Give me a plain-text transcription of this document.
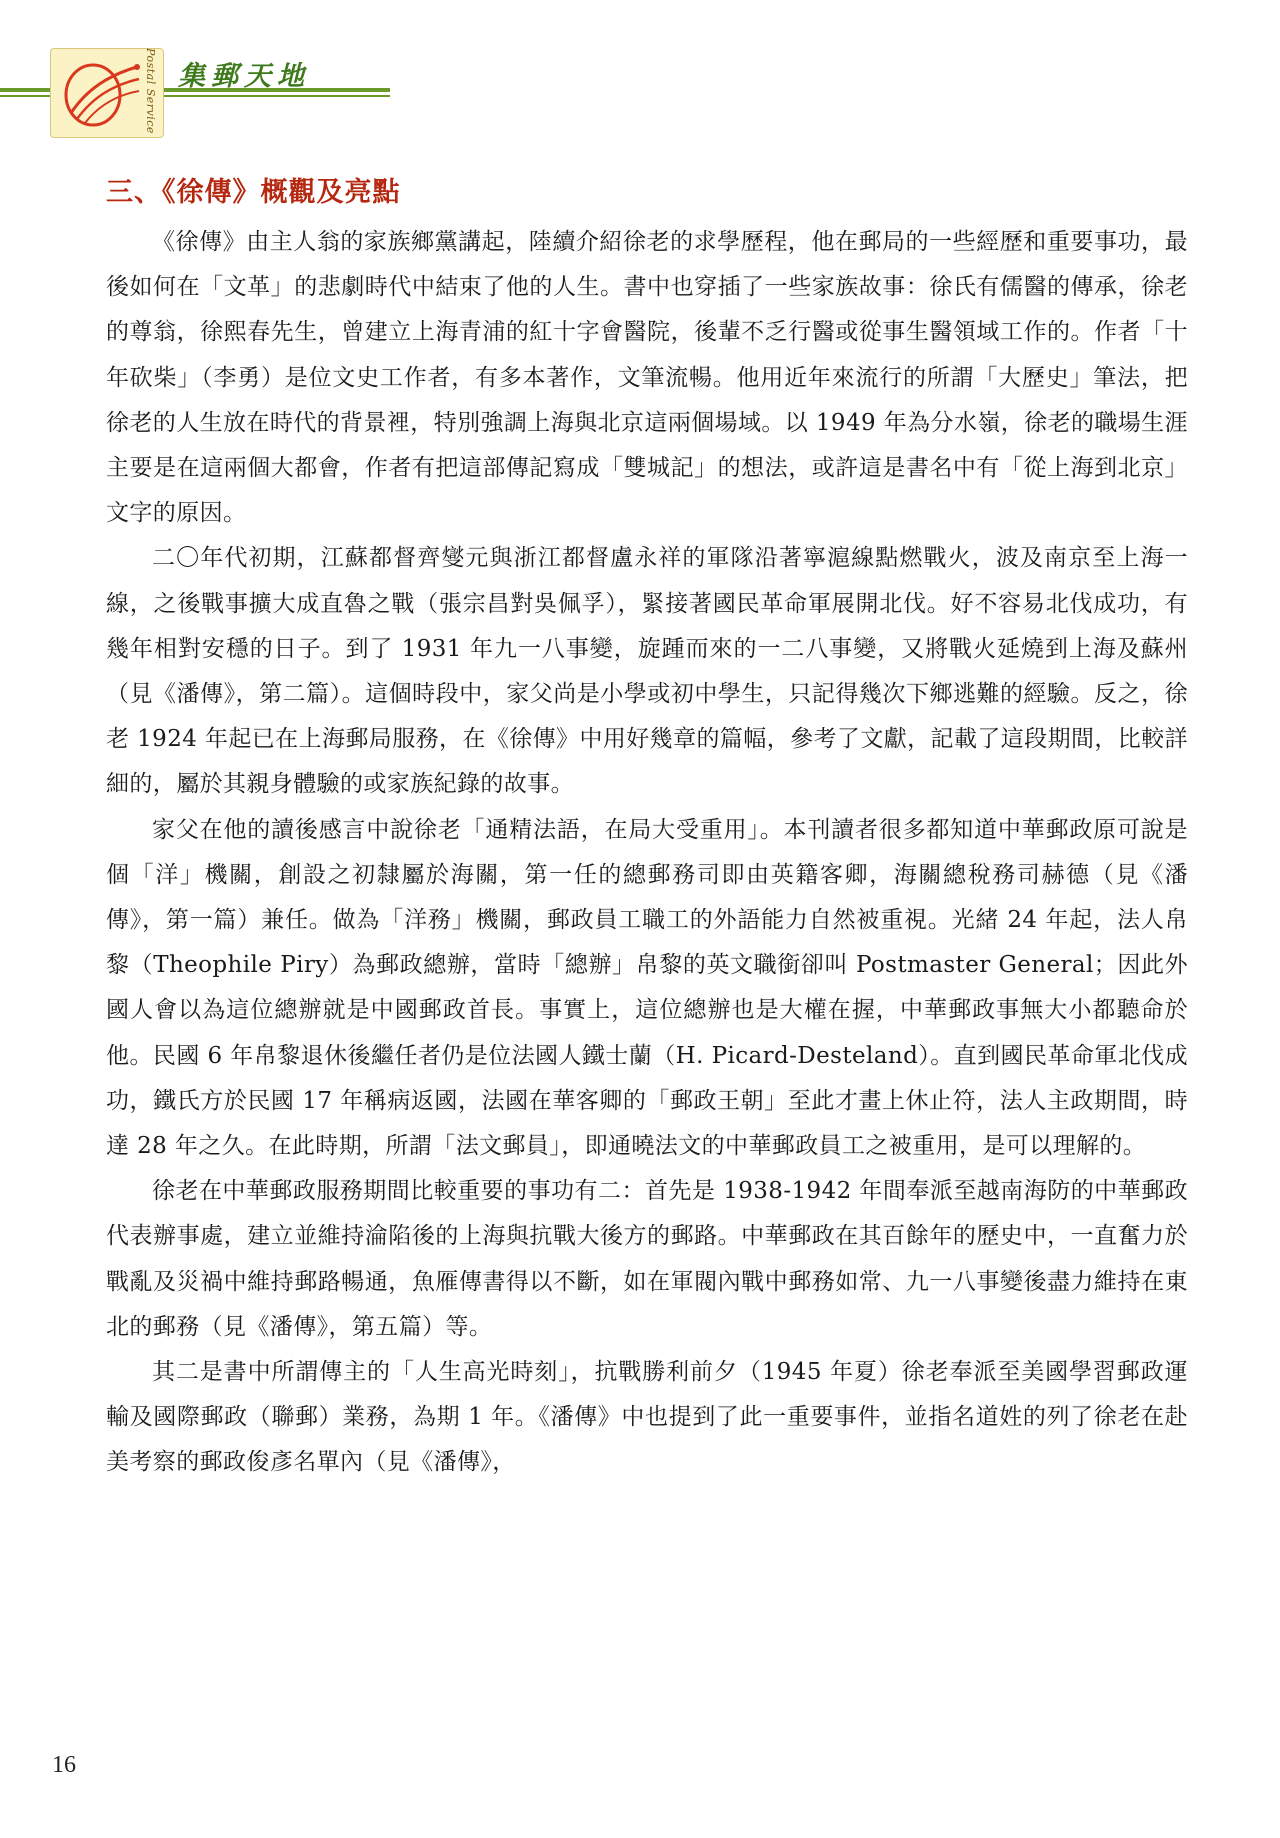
Postal Service 集郵天地
三、《徐傳》概觀及亮點

《徐傳》由主人翁的家族鄉黨講起，陸續介紹徐老的求學歷程，他在郵局的一些經歷和重要事功，最後如何在「文革」的悲劇時代中結束了他的人生。書中也穿插了一些家族故事：徐氏有儒醫的傳承，徐老的尊翁，徐熙春先生，曾建立上海青浦的紅十字會醫院，後輩不乏行醫或從事生醫領域工作的。作者「十年砍柴」（李勇）是位文史工作者，有多本著作，文筆流暢。他用近年來流行的所謂「大歷史」筆法，把徐老的人生放在時代的背景裡，特別強調上海與北京這兩個場域。以 1949 年為分水嶺，徐老的職場生涯主要是在這兩個大都會，作者有把這部傳記寫成「雙城記」的想法，或許這是書名中有「從上海到北京」文字的原因。

二〇年代初期，江蘇都督齊燮元與浙江都督盧永祥的軍隊沿著寧滬線點燃戰火，波及南京至上海一線，之後戰事擴大成直魯之戰（張宗昌對吳佩孚），緊接著國民革命軍展開北伐。好不容易北伐成功，有幾年相對安穩的日子。到了 1931 年九一八事變，旋踵而來的一二八事變，又將戰火延燒到上海及蘇州（見《潘傳》，第二篇）。這個時段中，家父尚是小學或初中學生，只記得幾次下鄉逃難的經驗。反之，徐老 1924 年起已在上海郵局服務，在《徐傳》中用好幾章的篇幅，參考了文獻，記載了這段期間，比較詳細的，屬於其親身體驗的或家族紀錄的故事。

家父在他的讀後感言中說徐老「通精法語，在局大受重用」。本刊讀者很多都知道中華郵政原可說是個「洋」機關，創設之初隸屬於海關，第一任的總郵務司即由英籍客卿，海關總稅務司赫德（見《潘傳》，第一篇）兼任。做為「洋務」機關，郵政員工職工的外語能力自然被重視。光緒 24 年起，法人帛黎（Theophile Piry）為郵政總辦，當時「總辦」帛黎的英文職銜卻叫 Postmaster General；因此外國人會以為這位總辦就是中國郵政首長。事實上，這位總辦也是大權在握，中華郵政事無大小都聽命於他。民國 6 年帛黎退休後繼任者仍是位法國人鐵士蘭（H. Picard-Desteland）。直到國民革命軍北伐成功，鐵氏方於民國 17 年稱病返國，法國在華客卿的「郵政王朝」至此才畫上休止符，法人主政期間，時達 28 年之久。在此時期，所謂「法文郵員」，即通曉法文的中華郵政員工之被重用，是可以理解的。

徐老在中華郵政服務期間比較重要的事功有二：首先是 1938-1942 年間奉派至越南海防的中華郵政代表辦事處，建立並維持淪陷後的上海與抗戰大後方的郵路。中華郵政在其百餘年的歷史中，一直奮力於戰亂及災禍中維持郵路暢通，魚雁傳書得以不斷，如在軍閥內戰中郵務如常、九一八事變後盡力維持在東北的郵務（見《潘傳》，第五篇）等。

其二是書中所謂傳主的「人生高光時刻」，抗戰勝利前夕（1945 年夏）徐老奉派至美國學習郵政運輸及國際郵政（聯郵）業務，為期 1 年。《潘傳》中也提到了此一重要事件，並指名道姓的列了徐老在赴美考察的郵政俊彥名單內（見《潘傳》，

16
